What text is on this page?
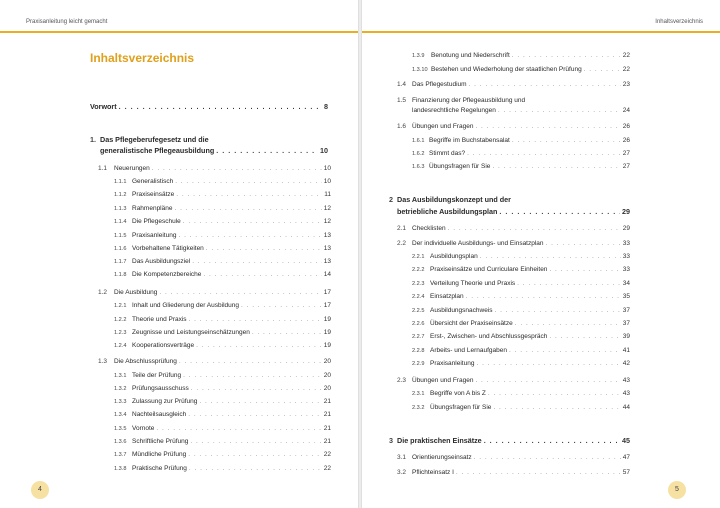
Praxisanleitung leicht gemacht
Inhaltsverzeichnis
Vorwort . . .	8
1. Das Pflegeberufegesetz und die
generalistische Pflegeausbildung . . .	10
1.1	Neuerungen . . .	10
1.1.1 Generalistisch . . .	10
1.1.2 Praxiseinsätze . . .	11
1.1.3 Rahmenpläne . . .	12
1.1.4 Die Pflegeschule . . .	12
1.1.5 Praxisanleitung . . .	13
1.1.6 Vorbehaltene Tätigkeiten . . .	13
1.1.7 Das Ausbildungsziel . . .	13
1.1.8 Die Kompetenzbereiche . . .	14
1.2	Die Ausbildung . . .	17
1.2.1 Inhalt und Gliederung der Ausbildung . . .	17
1.2.2 Theorie und Praxis . . .	19
1.2.3 Zeugnisse und Leistungseinschätzungen . . .	19
1.2.4 Kooperationsverträge . . .	19
1.3	Die Abschlussprüfung . . .	20
1.3.1 Teile der Prüfung . . .	20
1.3.2 Prüfungsausschuss . . .	20
1.3.3 Zulassung zur Prüfung . . .	21
1.3.4 Nachteilsausgleich . . .	21
1.3.5 Vornote . . .	21
1.3.6 Schriftliche Prüfung . . .	21
1.3.7 Mündliche Prüfung . . .	22
1.3.8 Praktische Prüfung . . .	22
4
Inhaltsverzeichnis
1.3.9	Benotung und Niederschrift . . .	22
1.3.10 Bestehen und Wiederholung der staatlichen Prüfung . . .	22
1.4 Das Pflegestudium . . .	23
1.5 Finanzierung der Pflegeausbildung und
landesrechtliche Regelungen . . .	24
1.6 Übungen und Fragen . . .	26
1.6.1 Begriffe im Buchstabensalat . . .	26
1.6.2 Stimmt das? . . .	27
1.6.3 Übungsfragen für Sie . . .	27
2 Das Ausbildungskonzept und der
betriebliche Ausbildungsplan . . .	29
2.1 Checklisten . . .	29
2.2 Der individuelle Ausbildungs- und Einsatzplan . . .	33
2.2.1 Ausbildungsplan . . .	33
2.2.2 Praxiseinsätze und Curriculare Einheiten . . .	33
2.2.3 Verteilung Theorie und Praxis . . .	34
2.2.4 Einsatzplan . . .	35
2.2.5 Ausbildungsnachweis . . .	37
2.2.6 Übersicht der Praxiseinsätze . . .	37
2.2.7 Erst-, Zwischen- und Abschlussgespräch . . .	39
2.2.8 Arbeits- und Lernaufgaben . . .	41
2.2.9 Praxisanleitung . . .	42
2.3 Übungen und Fragen . . .	43
2.3.1 Begriffe von A bis Z . . .	43
2.3.2 Übungsfragen für Sie . . .	44
3 Die praktischen Einsätze . . .	45
3.1 Orientierungseinsatz . . .	47
3.2 Pflichteinsatz I . . .	57
5
